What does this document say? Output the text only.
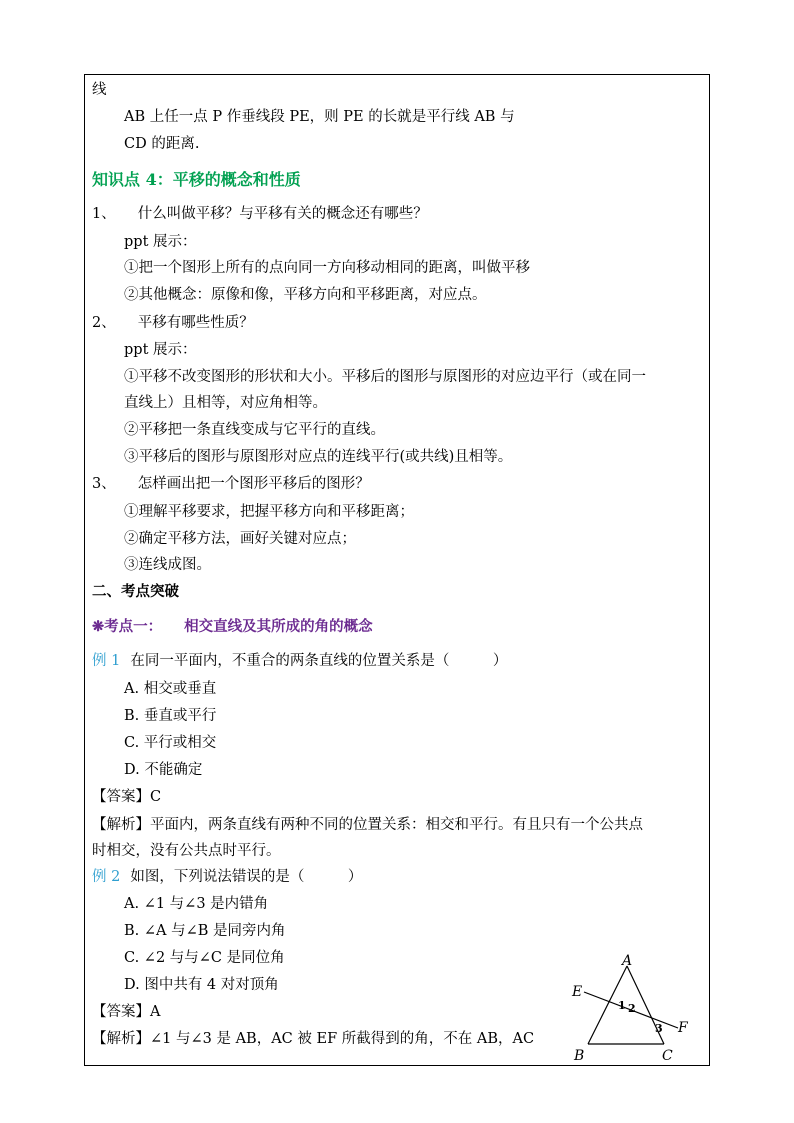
线
AB 上任一点 P 作垂线段 PE，则 PE 的长就是平行线 AB 与
CD 的距离.
知识点 4：平移的概念和性质
1、 什么叫做平移？与平移有关的概念还有哪些？
ppt 展示：
①把一个图形上所有的点向同一方向移动相同的距离，叫做平移
②其他概念：原像和像，平移方向和平移距离，对应点。
2、 平移有哪些性质？
ppt 展示：
①平移不改变图形的形状和大小。平移后的图形与原图形的对应边平行（或在同一
直线上）且相等，对应角相等。
②平移把一条直线变成与它平行的直线。
③平移后的图形与原图形对应点的连线平行(或共线)且相等。
3、 怎样画出把一个图形平移后的图形？
①理解平移要求，把握平移方向和平移距离；
②确定平移方法，画好关键对应点；
③连线成图。
二、考点突破
❋考点一： 相交直线及其所成的角的概念
例 1 在同一平面内，不重合的两条直线的位置关系是（　　　）
A. 相交或垂直
B. 垂直或平行
C. 平行或相交
D. 不能确定
【答案】C
【解析】平面内，两条直线有两种不同的位置关系：相交和平行。有且只有一个公共点
时相交，没有公共点时平行。
例 2 如图，下列说法错误的是（　　　）
A. ∠1 与∠3 是内错角
B. ∠A 与∠B 是同旁内角
C. ∠2 与与∠C 是同位角
D. 图中共有 4 对对顶角
【答案】A
【解析】∠1 与∠3 是 AB，AC 被 EF 所截得到的角，不在 AB，AC
A
B	C
E
F
1 2
3
